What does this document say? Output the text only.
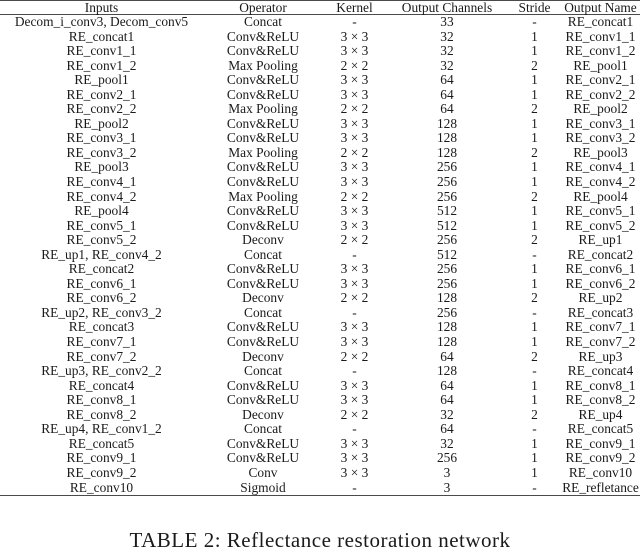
Inputs	Operator	Kernel	Output Channels	Stride	Output Name
Decom_i_conv3, Decom_conv5	Concat	-	33	-	RE_concat1
RE_concat1	Conv&ReLU	3 × 3	32	1	RE_conv1_1
RE_conv1_1	Conv&ReLU	3 × 3	32	1	RE_conv1_2
RE_conv1_2	Max Pooling	2 × 2	32	2	RE_pool1
RE_pool1	Conv&ReLU	3 × 3	64	1	RE_conv2_1
RE_conv2_1	Conv&ReLU	3 × 3	64	1	RE_conv2_2
RE_conv2_2	Max Pooling	2 × 2	64	2	RE_pool2
RE_pool2	Conv&ReLU	3 × 3	128	1	RE_conv3_1
RE_conv3_1	Conv&ReLU	3 × 3	128	1	RE_conv3_2
RE_conv3_2	Max Pooling	2 × 2	128	2	RE_pool3
RE_pool3	Conv&ReLU	3 × 3	256	1	RE_conv4_1
RE_conv4_1	Conv&ReLU	3 × 3	256	1	RE_conv4_2
RE_conv4_2	Max Pooling	2 × 2	256	2	RE_pool4
RE_pool4	Conv&ReLU	3 × 3	512	1	RE_conv5_1
RE_conv5_1	Conv&ReLU	3 × 3	512	1	RE_conv5_2
RE_conv5_2	Deconv	2 × 2	256	2	RE_up1
RE_up1, RE_conv4_2	Concat	-	512	-	RE_concat2
RE_concat2	Conv&ReLU	3 × 3	256	1	RE_conv6_1
RE_conv6_1	Conv&ReLU	3 × 3	256	1	RE_conv6_2
RE_conv6_2	Deconv	2 × 2	128	2	RE_up2
RE_up2, RE_conv3_2	Concat	-	256	-	RE_concat3
RE_concat3	Conv&ReLU	3 × 3	128	1	RE_conv7_1
RE_conv7_1	Conv&ReLU	3 × 3	128	1	RE_conv7_2
RE_conv7_2	Deconv	2 × 2	64	2	RE_up3
RE_up3, RE_conv2_2	Concat	-	128	-	RE_concat4
RE_concat4	Conv&ReLU	3 × 3	64	1	RE_conv8_1
RE_conv8_1	Conv&ReLU	3 × 3	64	1	RE_conv8_2
RE_conv8_2	Deconv	2 × 2	32	2	RE_up4
RE_up4, RE_conv1_2	Concat	-	64	-	RE_concat5
RE_concat5	Conv&ReLU	3 × 3	32	1	RE_conv9_1
RE_conv9_1	Conv&ReLU	3 × 3	256	1	RE_conv9_2
RE_conv9_2	Conv	3 × 3	3	1	RE_conv10
RE_conv10	Sigmoid	-	3	-	RE_refletance
TABLE 2: Reflectance restoration network
